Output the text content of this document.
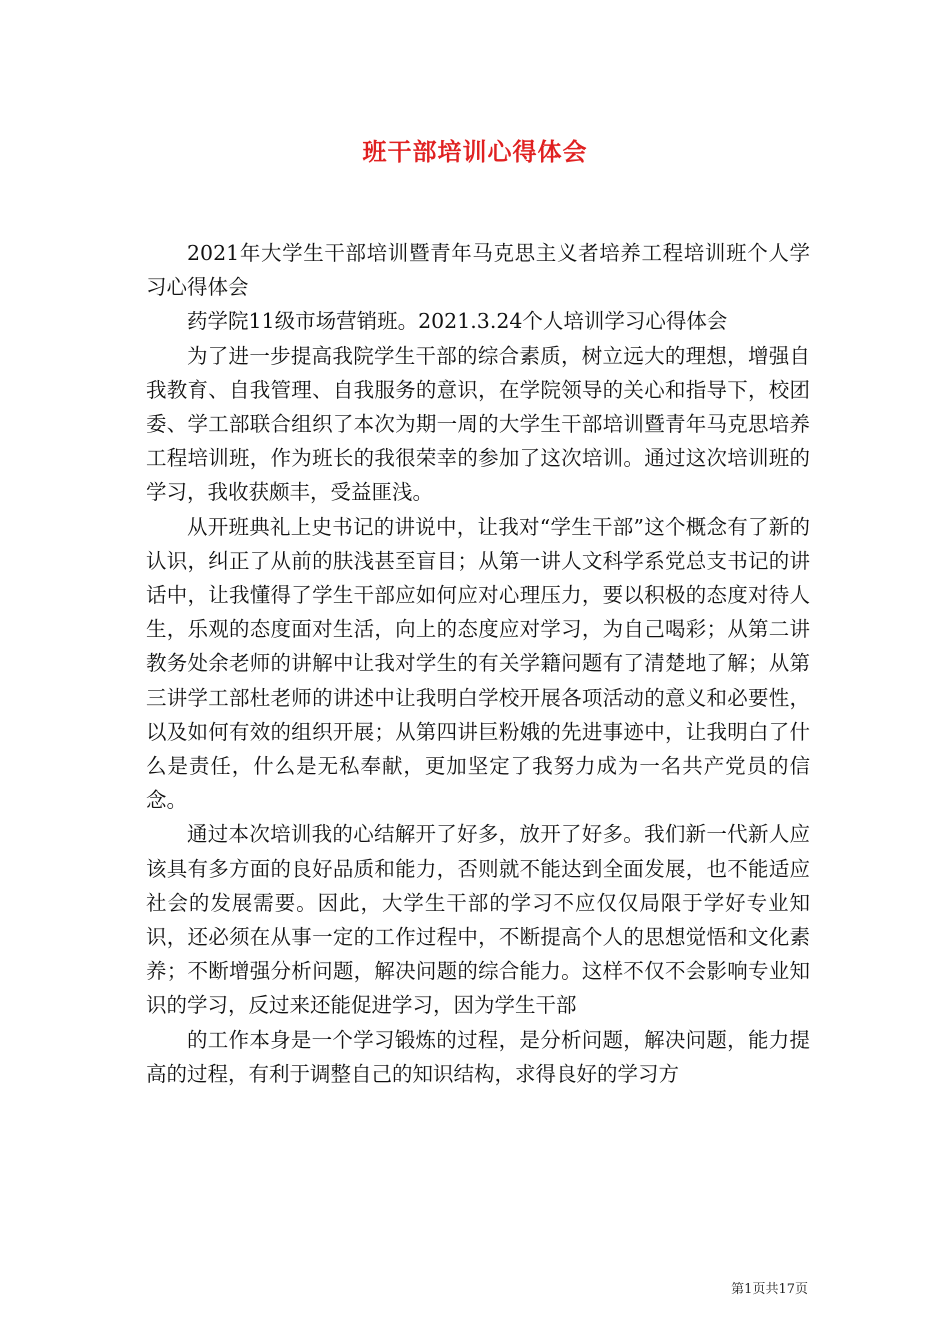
班干部培训心得体会

2021年大学生干部培训暨青年马克思主义者培养工程培训班个人学习心得体会

药学院11级市场营销班。2021.3.24个人培训学习心得体会

为了进一步提高我院学生干部的综合素质，树立远大的理想，增强自我教育、自我管理、自我服务的意识，在学院领导的关心和指导下，校团委、学工部联合组织了本次为期一周的大学生干部培训暨青年马克思培养工程培训班，作为班长的我很荣幸的参加了这次培训。通过这次培训班的学习，我收获颇丰，受益匪浅。

从开班典礼上史书记的讲说中，让我对“学生干部”这个概念有了新的认识，纠正了从前的肤浅甚至盲目；从第一讲人文科学系党总支书记的讲话中，让我懂得了学生干部应如何应对心理压力，要以积极的态度对待人生，乐观的态度面对生活，向上的态度应对学习，为自己喝彩；从第二讲教务处余老师的讲解中让我对学生的有关学籍问题有了清楚地了解；从第三讲学工部杜老师的讲述中让我明白学校开展各项活动的意义和必要性，以及如何有效的组织开展；从第四讲巨粉娥的先进事迹中，让我明白了什么是责任，什么是无私奉献，更加坚定了我努力成为一名共产党员的信念。

通过本次培训我的心结解开了好多，放开了好多。我们新一代新人应该具有多方面的良好品质和能力，否则就不能达到全面发展，也不能适应社会的发展需要。因此，大学生干部的学习不应仅仅局限于学好专业知识，还必须在从事一定的工作过程中，不断提高个人的思想觉悟和文化素养；不断增强分析问题，解决问题的综合能力。这样不仅不会影响专业知识的学习，反过来还能促进学习，因为学生干部

的工作本身是一个学习锻炼的过程，是分析问题，解决问题，能力提高的过程，有利于调整自己的知识结构，求得良好的学习方

第1页共17页
